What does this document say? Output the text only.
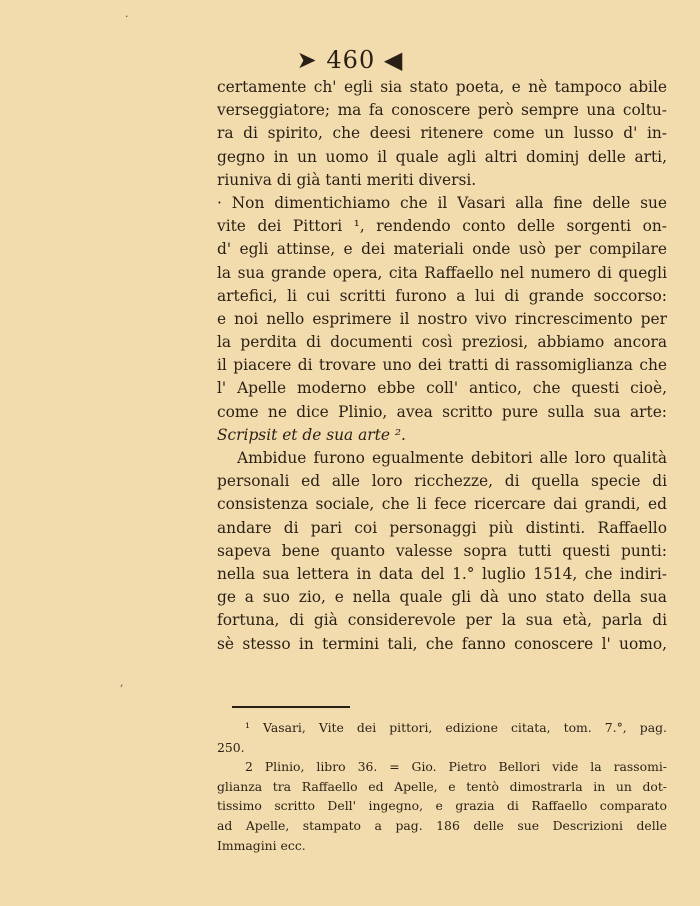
➤ 460 ◀
certamente ch' egli sia stato poeta, e nè tampoco abile
verseggiatore; ma fa conoscere però sempre una coltu-
ra di spirito, che deesi ritenere come un lusso d' in-
gegno in un uomo il quale agli altri dominj delle arti,
riuniva di già tanti meriti diversi.
· Non dimentichiamo che il Vasari alla fine delle sue
vite dei Pittori ¹, rendendo conto delle sorgenti on-
d' egli attinse, e dei materiali onde usò per compilare
la sua grande opera, cita Raffaello nel numero di quegli
artefici, li cui scritti furono a lui di grande soccorso:
e noi nello esprimere il nostro vivo rincrescimento per
la perdita di documenti così preziosi, abbiamo ancora
il piacere di trovare uno dei tratti di rassomiglianza che
l' Apelle moderno ebbe coll' antico, che questi cioè,
come ne dice Plinio, avea scritto pure sulla sua arte:
Scripsit et de sua arte ².
Ambidue furono egualmente debitori alle loro qualità
personali ed alle loro ricchezze, di quella specie di
consistenza sociale, che li fece ricercare dai grandi, ed
andare di pari coi personaggi più distinti. Raffaello
sapeva bene quanto valesse sopra tutti questi punti:
nella sua lettera in data del 1.° luglio 1514, che indiri-
ge a suo zio, e nella quale gli dà uno stato della sua
fortuna, di già considerevole per la sua età, parla di
sè stesso in termini tali, che fanno conoscere l' uomo,
¹ Vasari, Vite dei pittori, edizione citata, tom. 7.°, pag.
250.
2 Plinio, libro 36. = Gio. Pietro Bellori vide la rassomi-
glianza tra Raffaello ed Apelle, e tentò dimostrarla in un dot-
tissimo scritto Dell' ingegno, e grazia di Raffaello comparato
ad Apelle, stampato a pag. 186 delle sue Descrizioni delle
Immagini ecc.
·
,
